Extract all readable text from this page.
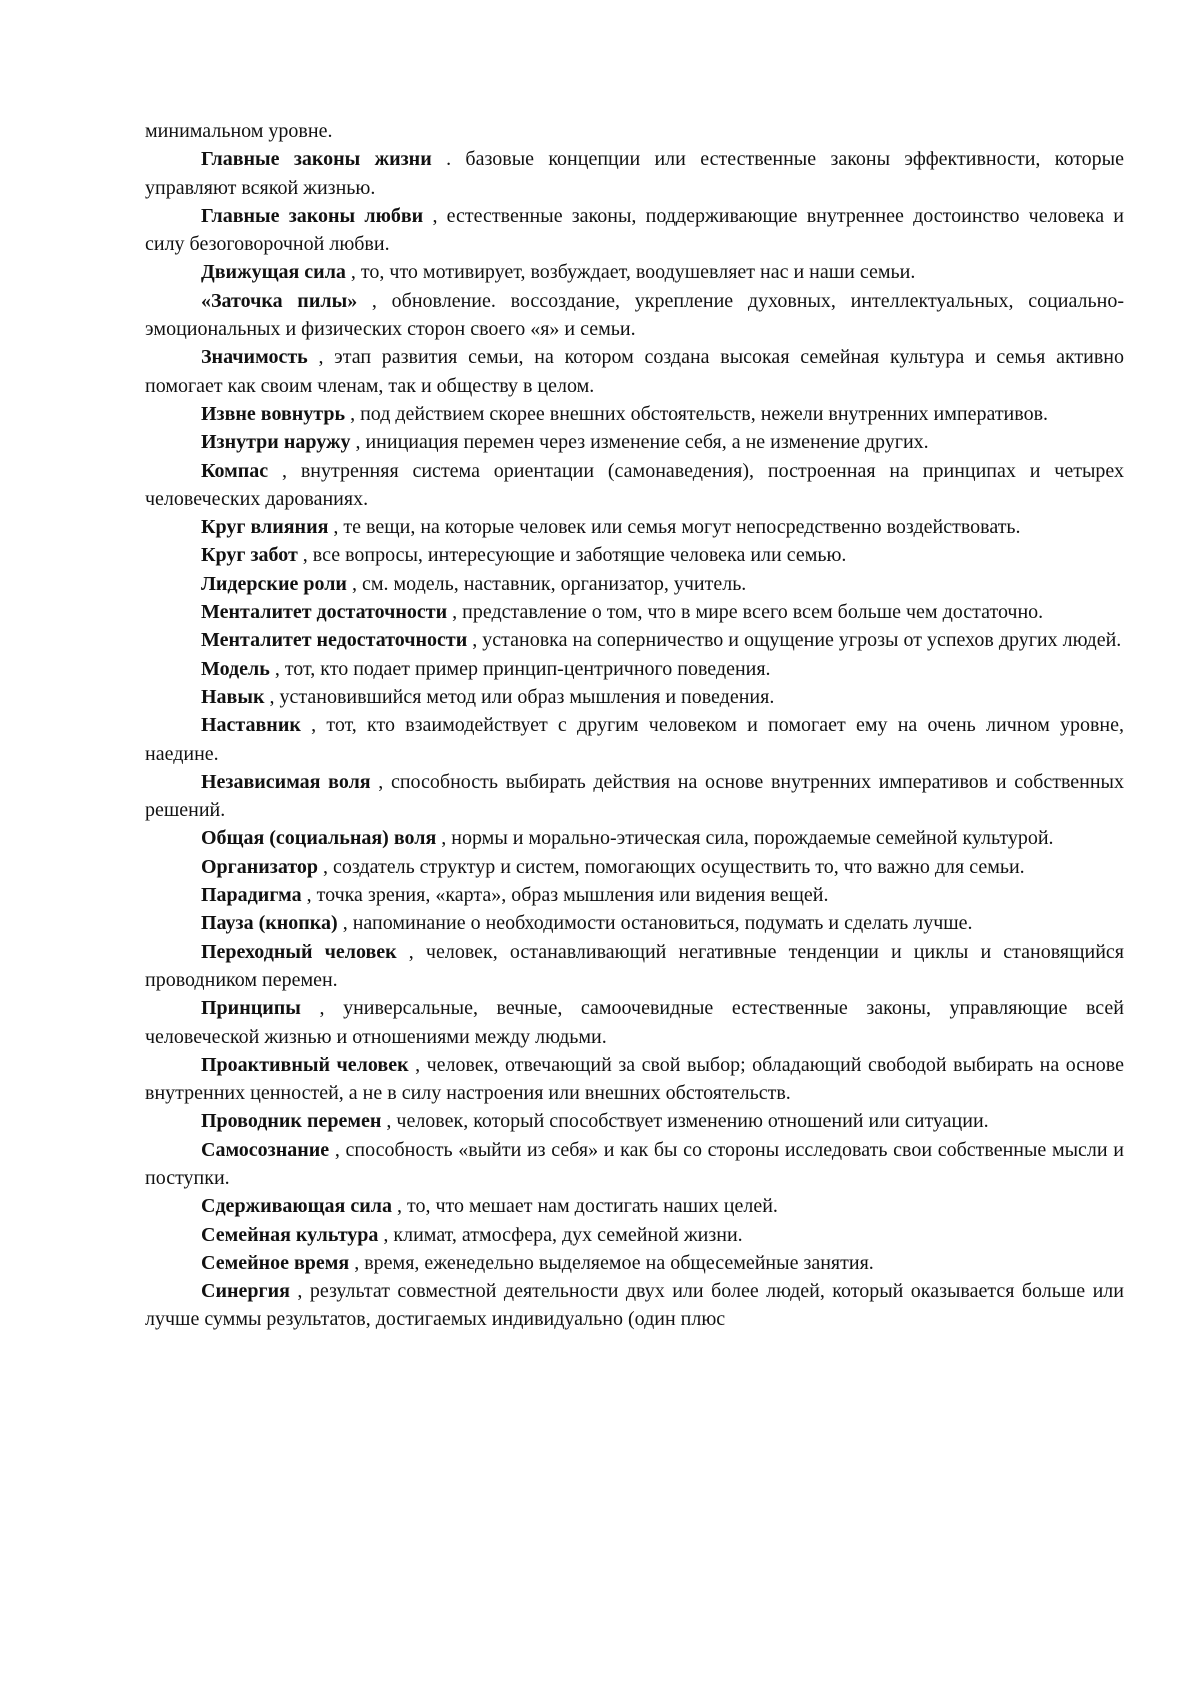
минимальном уровне.

Главные законы жизни . базовые концепции или естественные законы эффективности, которые управляют всякой жизнью.

Главные законы любви , естественные законы, поддерживающие внутреннее достоинство человека и силу безоговорочной любви.

Движущая сила , то, что мотивирует, возбуждает, воодушевляет нас и наши семьи.

«Заточка пилы» , обновление. воссоздание, укрепление духовных, интеллектуальных, социально-эмоциональных и физических сторон своего «я» и семьи.

Значимость , этап развития семьи, на котором создана высокая семейная культура и семья активно помогает как своим членам, так и обществу в целом.

Извне вовнутрь , под действием скорее внешних обстоятельств, нежели внутренних императивов.

Изнутри наружу , инициация перемен через изменение себя, а не изменение других.

Компас , внутренняя система ориентации (самонаведения), построенная на принципах и четырех человеческих дарованиях.

Круг влияния , те вещи, на которые человек или семья могут непосредственно воздействовать.

Круг забот , все вопросы, интересующие и заботящие человека или семью.

Лидерские роли , см. модель, наставник, организатор, учитель.

Менталитет достаточности , представление о том, что в мире всего всем больше чем достаточно.

Менталитет недостаточности , установка на соперничество и ощущение угрозы от успехов других людей.

Модель , тот, кто подает пример принцип-центричного поведения.

Навык , установившийся метод или образ мышления и поведения.

Наставник , тот, кто взаимодействует с другим человеком и помогает ему на очень личном уровне, наедине.

Независимая воля , способность выбирать действия на основе внутренних императивов и собственных решений.

Общая (социальная) воля , нормы и морально-этическая сила, порождаемые семейной культурой.

Организатор , создатель структур и систем, помогающих осуществить то, что важно для семьи.

Парадигма , точка зрения, «карта», образ мышления или видения вещей.

Пауза (кнопка) , напоминание о необходимости остановиться, подумать и сделать лучше.

Переходный человек , человек, останавливающий негативные тенденции и циклы и становящийся проводником перемен.

Принципы , универсальные, вечные, самоочевидные естественные законы, управляющие всей человеческой жизнью и отношениями между людьми.

Проактивный человек , человек, отвечающий за свой выбор; обладающий свободой выбирать на основе внутренних ценностей, а не в силу настроения или внешних обстоятельств.

Проводник перемен , человек, который способствует изменению отношений или ситуации.

Самосознание , способность «выйти из себя» и как бы со стороны исследовать свои собственные мысли и поступки.

Сдерживающая сила , то, что мешает нам достигать наших целей.

Семейная культура , климат, атмосфера, дух семейной жизни.

Семейное время , время, еженедельно выделяемое на общесемейные занятия.

Синергия , результат совместной деятельности двух или более людей, который оказывается больше или лучше суммы результатов, достигаемых индивидуально (один плюс
